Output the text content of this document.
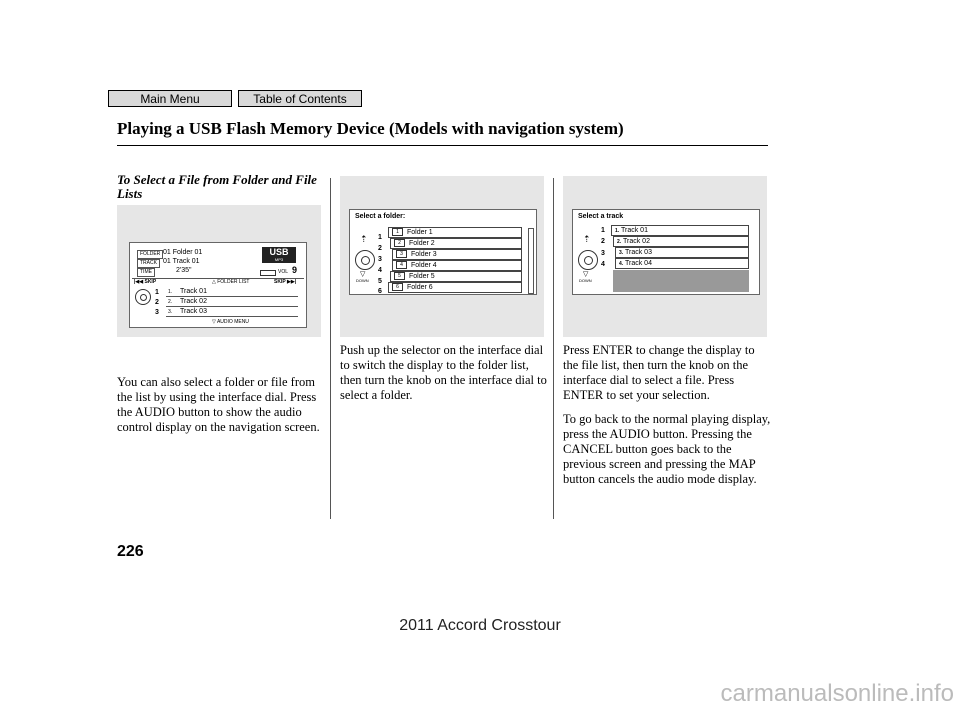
Main Menu	Table of Contents
Playing a USB Flash Memory Device (Models with navigation system)
To Select a File from Folder and File Lists
FOLDER 01 Folder 01
TRACK 01 Track 01
TIME	2'35"
USB
MP3
VOL 9
|◀◀ SKIP	△ FOLDER LIST	SKIP ▶▶|
1
2
3
1. Track 01
2. Track 02
3. Track 03
▽ AUDIO MENU
Select a folder:
⇡
▽
DOWN
1
2
3
4
5
6
1 Folder 1
2 Folder 2
3 Folder 3
4 Folder 4
5 Folder 5
6 Folder 6
Select a track
⇡
▽
DOWN
1
2
3
4
1. Track 01
2. Track 02
3. Track 03
4. Track 04
You can also select a folder or file from the list by using the interface dial. Press the AUDIO button to show the audio control display on the navigation screen.
Push up the selector on the interface dial to switch the display to the folder list, then turn the knob on the interface dial to select a folder.
Press ENTER to change the display to the file list, then turn the knob on the interface dial to select a file. Press ENTER to set your selection.
To go back to the normal playing display, press the AUDIO button. Pressing the CANCEL button goes back to the previous screen and pressing the MAP button cancels the audio mode display.
226
2011 Accord Crosstour
carmanualsonline.info
